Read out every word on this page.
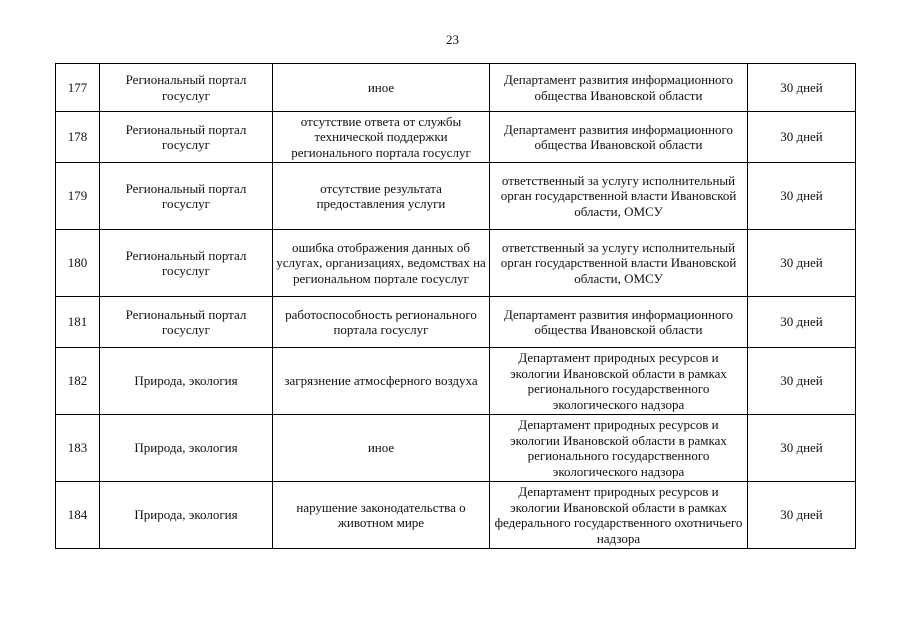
23
177	Региональный портал госуслуг	иное	Департамент развития информационного общества Ивановской области	30 дней
178	Региональный портал госуслуг	отсутствие ответа от службы технической поддержки регионального портала госуслуг	Департамент развития информационного общества Ивановской области	30 дней
179	Региональный портал госуслуг	отсутствие результата предоставления услуги	ответственный за услугу исполнительный орган государственной власти Ивановской области, ОМСУ	30 дней
180	Региональный портал госуслуг	ошибка отображения данных об услугах, организациях, ведомствах на региональном портале госуслуг	ответственный за услугу исполнительный орган государственной власти Ивановской области, ОМСУ	30 дней
181	Региональный портал госуслуг	работоспособность регионального портала госуслуг	Департамент развития информационного общества Ивановской области	30 дней
182	Природа, экология	загрязнение атмосферного воздуха	Департамент природных ресурсов и экологии Ивановской области в рамках регионального государственного экологического надзора	30 дней
183	Природа, экология	иное	Департамент природных ресурсов и экологии Ивановской области в рамках регионального государственного экологического надзора	30 дней
184	Природа, экология	нарушение законодательства о животном мире	Департамент природных ресурсов и экологии Ивановской области в рамках федерального государственного охотничьего надзора	30 дней
